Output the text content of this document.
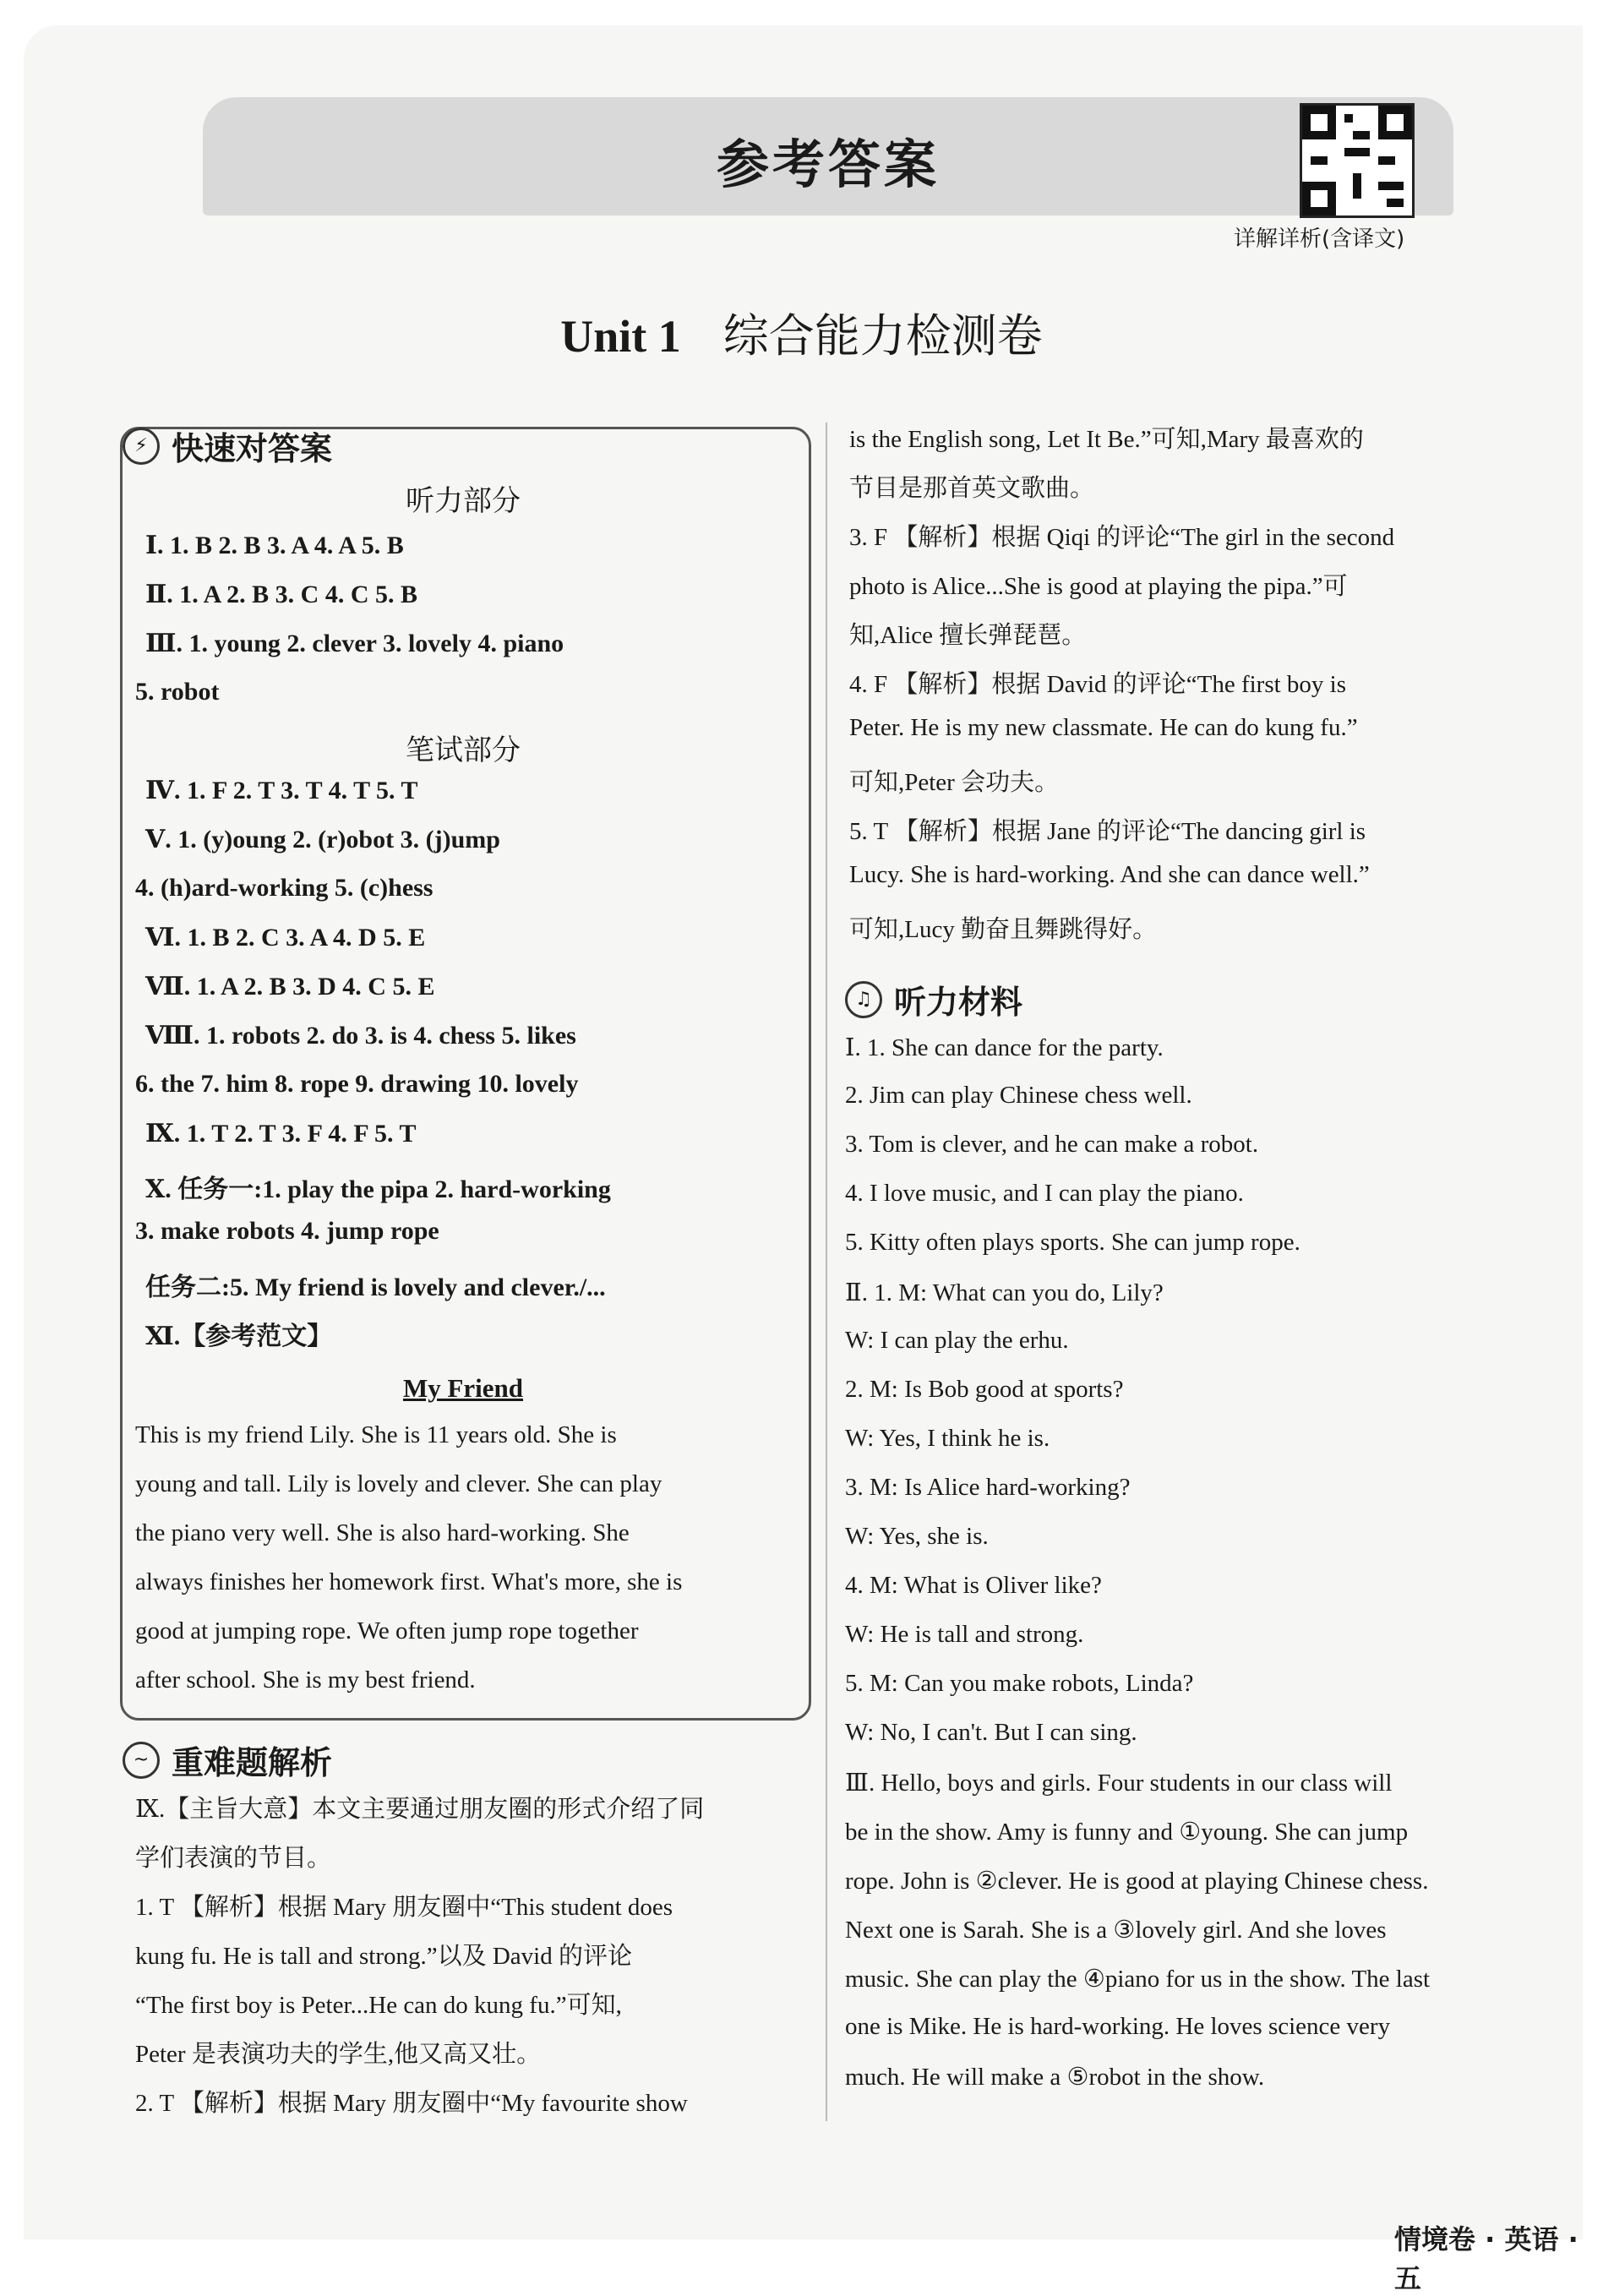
参考答案
详解详析(含译文)
Unit 1 综合能力检测卷
⚡ 快速对答案
听力部分
笔试部分
Ⅰ. 1. B 2. B 3. A 4. A 5. B
Ⅱ. 1. A 2. B 3. C 4. C 5. B
Ⅲ. 1. young 2. clever 3. lovely 4. piano
5. robot
Ⅳ. 1. F 2. T 3. T 4. T 5. T
Ⅴ. 1. (y)oung 2. (r)obot 3. (j)ump
4. (h)ard-working 5. (c)hess
Ⅵ. 1. B 2. C 3. A 4. D 5. E
Ⅶ. 1. A 2. B 3. D 4. C 5. E
Ⅷ. 1. robots 2. do 3. is 4. chess 5. likes
6. the 7. him 8. rope 9. drawing 10. lovely
Ⅸ. 1. T 2. T 3. F 4. F 5. T
Ⅹ. 任务一:1. play the pipa 2. hard-working
3. make robots 4. jump rope
任务二:5. My friend is lovely and clever./...
Ⅺ.【参考范文】
My Friend
This is my friend Lily. She is 11 years old. She is
young and tall. Lily is lovely and clever. She can play
the piano very well. She is also hard-working. She
always finishes her homework first. What's more, she is
good at jumping rope. We often jump rope together
after school. She is my best friend.
~ 重难题解析
Ⅸ.【主旨大意】本文主要通过朋友圈的形式介绍了同
学们表演的节目。
1. T 【解析】根据 Mary 朋友圈中“This student does
kung fu. He is tall and strong.”以及 David 的评论
“The first boy is Peter...He can do kung fu.”可知,
Peter 是表演功夫的学生,他又高又壮。
2. T 【解析】根据 Mary 朋友圈中“My favourite show
is the English song, Let It Be.”可知,Mary 最喜欢的
节目是那首英文歌曲。
3. F 【解析】根据 Qiqi 的评论“The girl in the second
photo is Alice...She is good at playing the pipa.”可
知,Alice 擅长弹琵琶。
4. F 【解析】根据 David 的评论“The first boy is
Peter. He is my new classmate. He can do kung fu.”
可知,Peter 会功夫。
5. T 【解析】根据 Jane 的评论“The dancing girl is
Lucy. She is hard-working. And she can dance well.”
可知,Lucy 勤奋且舞跳得好。
♫ 听力材料
Ⅰ. 1. She can dance for the party.
2. Jim can play Chinese chess well.
3. Tom is clever, and he can make a robot.
4. I love music, and I can play the piano.
5. Kitty often plays sports. She can jump rope.
Ⅱ. 1. M: What can you do, Lily?
W: I can play the erhu.
2. M: Is Bob good at sports?
W: Yes, I think he is.
3. M: Is Alice hard-working?
W: Yes, she is.
4. M: What is Oliver like?
W: He is tall and strong.
5. M: Can you make robots, Linda?
W: No, I can't. But I can sing.
Ⅲ. Hello, boys and girls. Four students in our class will
be in the show. Amy is funny and ①young. She can jump
rope. John is ②clever. He is good at playing Chinese chess.
Next one is Sarah. She is a ③lovely girl. And she loves
music. She can play the ④piano for us in the show. The last
one is Mike. He is hard-working. He loves science very
much. He will make a ⑤robot in the show.
情境卷 · 英语 · 五
